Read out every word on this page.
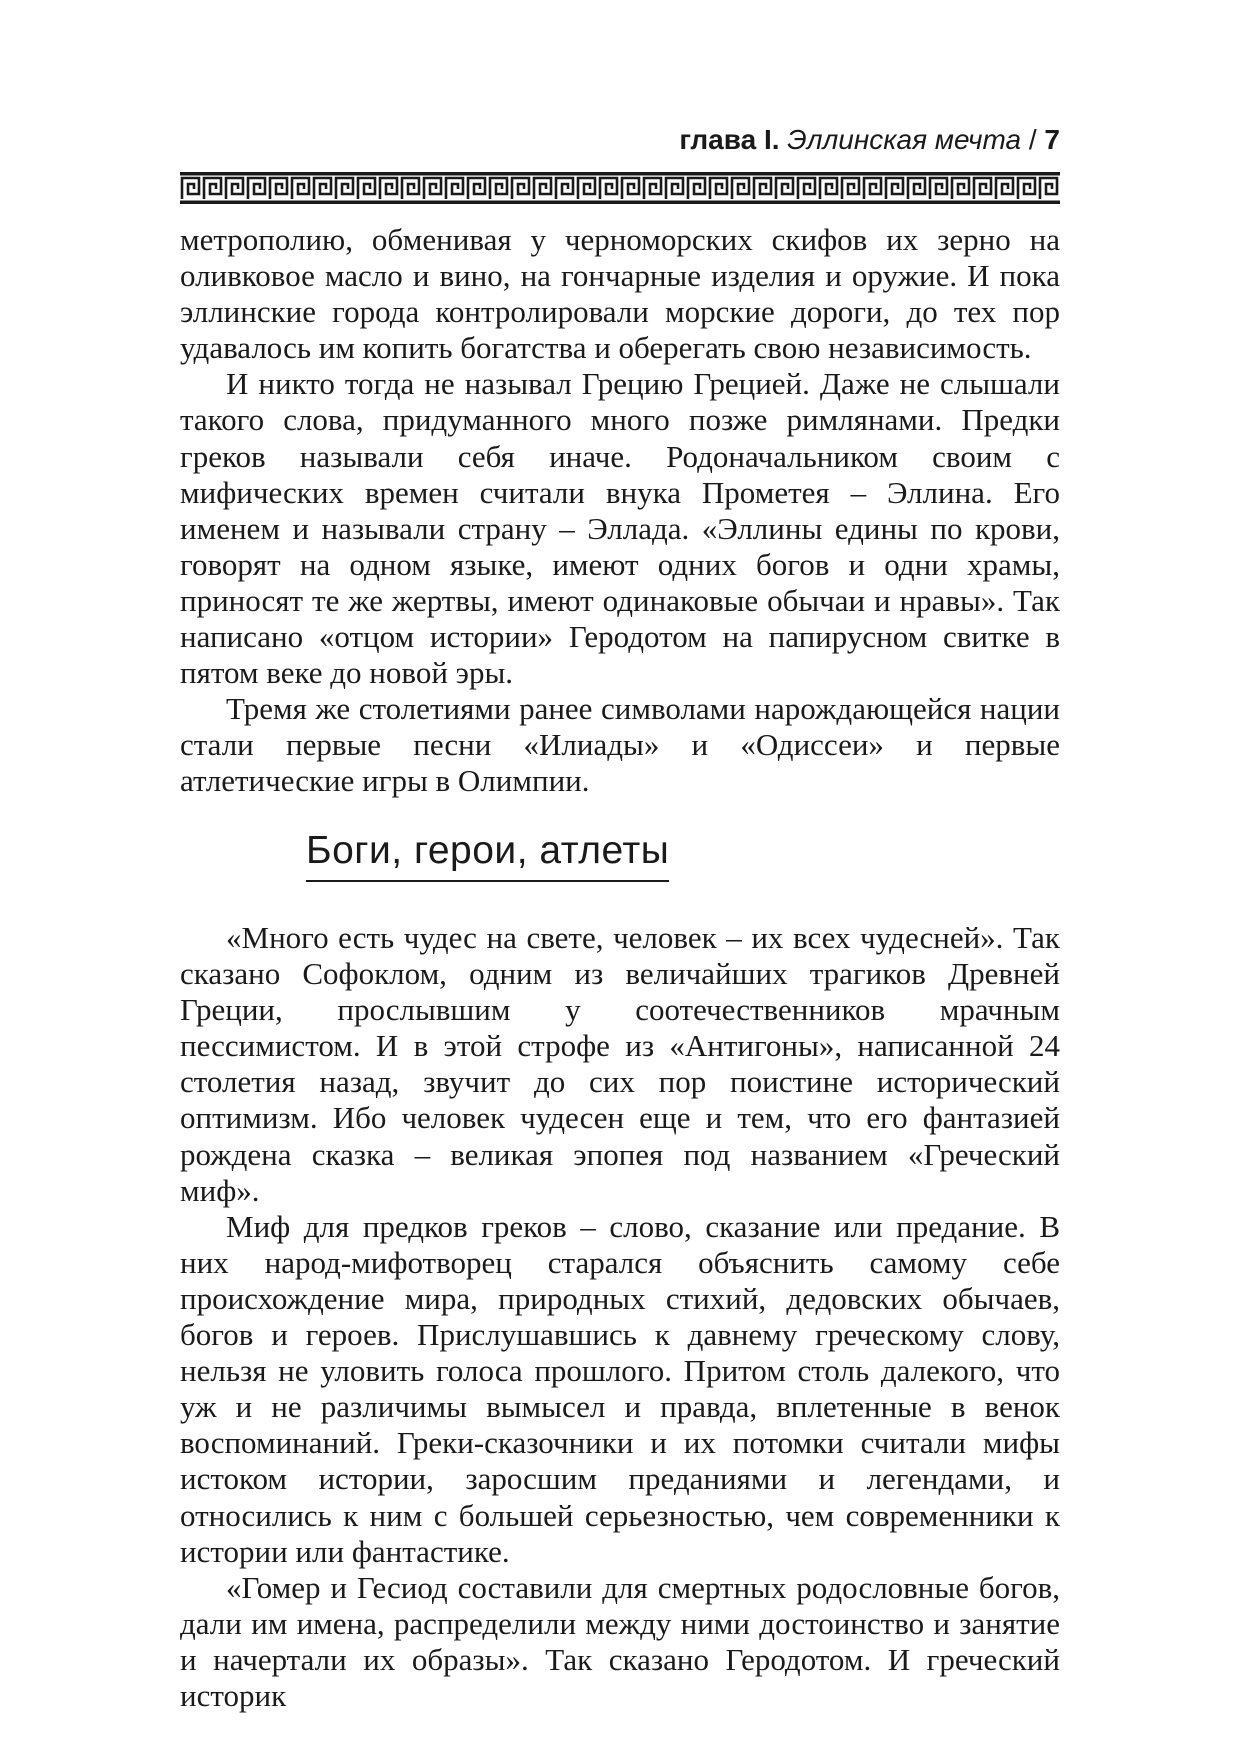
глава I. Эллинская мечта / 7

метрополию, обменивая у черноморских скифов их зерно на оливковое масло и вино, на гончарные изделия и оружие. И пока эллинские города контролировали морские дороги, до тех пор удавалось им копить богатства и оберегать свою независимость.

И никто тогда не называл Грецию Грецией. Даже не слышали такого слова, придуманного много позже римлянами. Предки греков называли себя иначе. Родоначальником своим с мифических времен считали внука Прометея – Эллина. Его именем и называли страну – Эллада. «Эллины едины по крови, говорят на одном языке, имеют одних богов и одни храмы, приносят те же жертвы, имеют одинаковые обычаи и нравы». Так написано «отцом истории» Геродотом на папирусном свитке в пятом веке до новой эры.

Тремя же столетиями ранее символами нарождающейся нации стали первые песни «Илиады» и «Одиссеи» и первые атлетические игры в Олимпии.

Боги, герои, атлеты

«Много есть чудес на свете, человек – их всех чудесней». Так сказано Софоклом, одним из величайших трагиков Древней Греции, прослывшим у соотечественников мрачным пессимистом. И в этой строфе из «Антигоны», написанной 24 столетия назад, звучит до сих пор поистине исторический оптимизм. Ибо человек чудесен еще и тем, что его фантазией рождена сказка – великая эпопея под названием «Греческий миф».

Миф для предков греков – слово, сказание или предание. В них народ-мифотворец старался объяснить самому себе происхождение мира, природных стихий, дедовских обычаев, богов и героев. Прислушавшись к давнему греческому слову, нельзя не уловить голоса прошлого. Притом столь далекого, что уж и не различимы вымысел и правда, вплетенные в венок воспоминаний. Греки-сказочники и их потомки считали мифы истоком истории, заросшим преданиями и легендами, и относились к ним с большей серьезностью, чем современники к истории или фантастике.

«Гомер и Гесиод составили для смертных родословные богов, дали им имена, распределили между ними достоинство и занятие и начертали их образы». Так сказано Геродотом. И греческий историк
